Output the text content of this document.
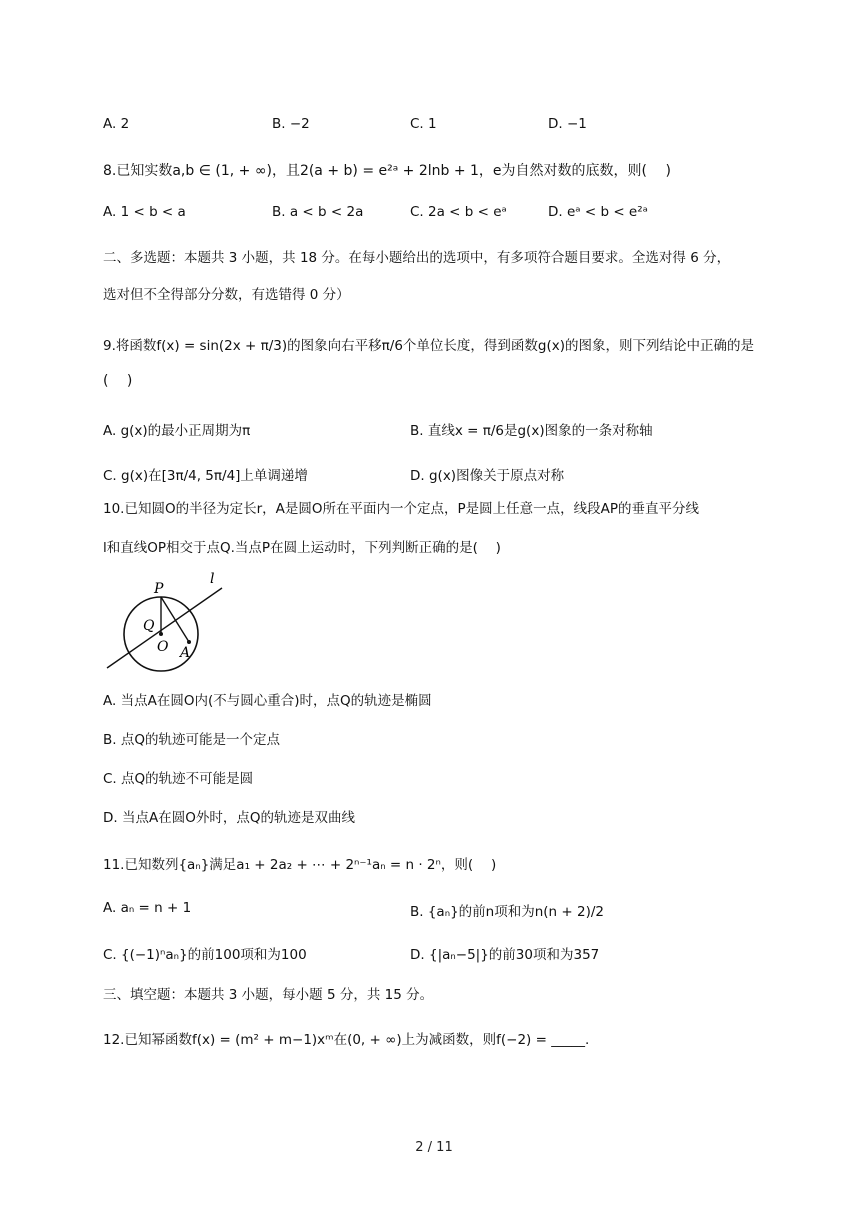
A. 2	B. −2	C. 1	D. −1
8.已知实数a,b ∈ (1, + ∞)，且2(a + b) = e²ᵃ + 2lnb + 1，e为自然对数的底数，则(　 )
A. 1 < b < a	B. a < b < 2a	C. 2a < b < eᵃ	D. eᵃ < b < e²ᵃ
二、多选题：本题共 3 小题，共 18 分。在每小题给出的选项中，有多项符合题目要求。全选对得 6 分，
选对但不全得部分分数，有选错得 0 分）
9.将函数f(x) = sin(2x + π/3)的图象向右平移π/6个单位长度，得到函数g(x)的图象，则下列结论中正确的是
(　 )
A. g(x)的最小正周期为π	B. 直线x = π/6是g(x)图象的一条对称轴
C. g(x)在[3π/4, 5π/4]上单调递增	D. g(x)图像关于原点对称
10.已知圆O的半径为定长r，A是圆O所在平面内一个定点，P是圆上任意一点，线段AP的垂直平分线
l和直线OP相交于点Q.当点P在圆上运动时，下列判断正确的是(　 )
P
l
Q
O A
A. 当点A在圆O内(不与圆心重合)时，点Q的轨迹是椭圆
B. 点Q的轨迹可能是一个定点
C. 点Q的轨迹不可能是圆
D. 当点A在圆O外时，点Q的轨迹是双曲线
11.已知数列{aₙ}满足a₁ + 2a₂ + ⋯ + 2ⁿ⁻¹aₙ = n · 2ⁿ，则(　 )
A. aₙ = n + 1	B. {aₙ}的前n项和为n(n + 2)/2
C. {(−1)ⁿaₙ}的前100项和为100	D. {|aₙ−5|}的前30项和为357
三、填空题：本题共 3 小题，每小题 5 分，共 15 分。
12.已知幂函数f(x) = (m² + m−1)xᵐ在(0, + ∞)上为减函数，则f(−2) = _____.
2 / 11
